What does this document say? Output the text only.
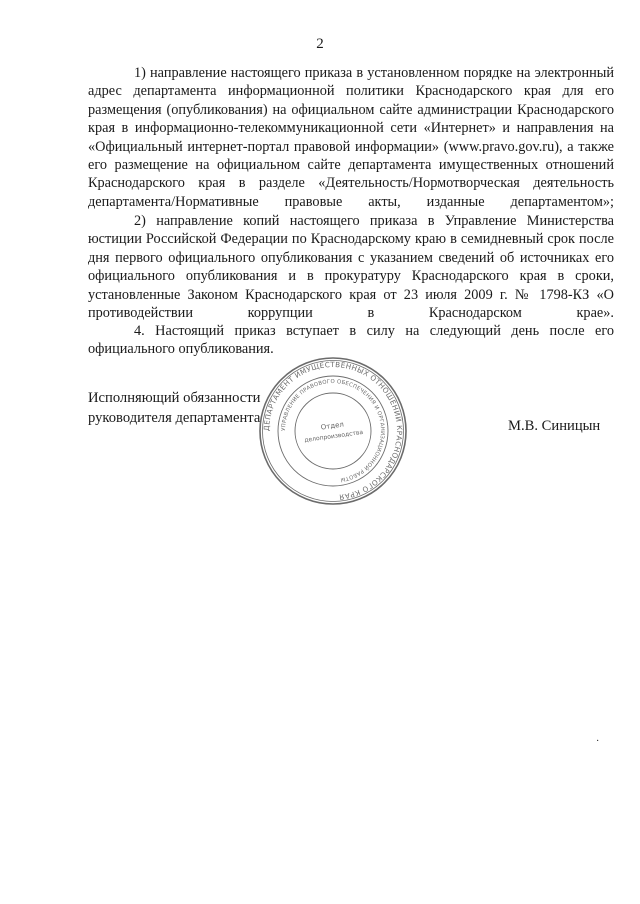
2

1) направление настоящего приказа в установленном порядке на электронный адрес департамента информационной политики Краснодарского края для его размещения (опубликования) на официальном сайте администрации Краснодарского края в информационно-телекоммуникационной сети «Интернет» и направления на «Официальный интернет-портал правовой информации» (www.pravo.gov.ru), а также его размещение на официальном сайте департамента имущественных отношений Краснодарского края в разделе «Деятельность/Нормотворческая деятельность департамента/Нормативные правовые акты, изданные департаментом»;

2) направление копий настоящего приказа в Управление Министерства юстиции Российской Федерации по Краснодарскому краю в семидневный срок после дня первого официального опубликования с указанием сведений об источниках его официального опубликования и в прокуратуру Краснодарского края в сроки, установленные Законом Краснодарского края от 23 июля 2009 г. № 1798-КЗ «О противодействии коррупции в Краснодарском крае».

4. Настоящий приказ вступает в силу на следующий день после его официального опубликования.

Исполняющий обязанности
руководителя департамента	М.В. Синицын
ДЕПАРТАМЕНТ ИМУЩЕСТВЕННЫХ ОТНОШЕНИЙ КРАСНОДАРСКОГО КРАЯ
УПРАВЛЕНИЕ ПРАВОВОГО ОБЕСПЕЧЕНИЯ И ОРГАНИЗАЦИОННОЙ РАБОТЫ
Отдел
делопроизводства
·
